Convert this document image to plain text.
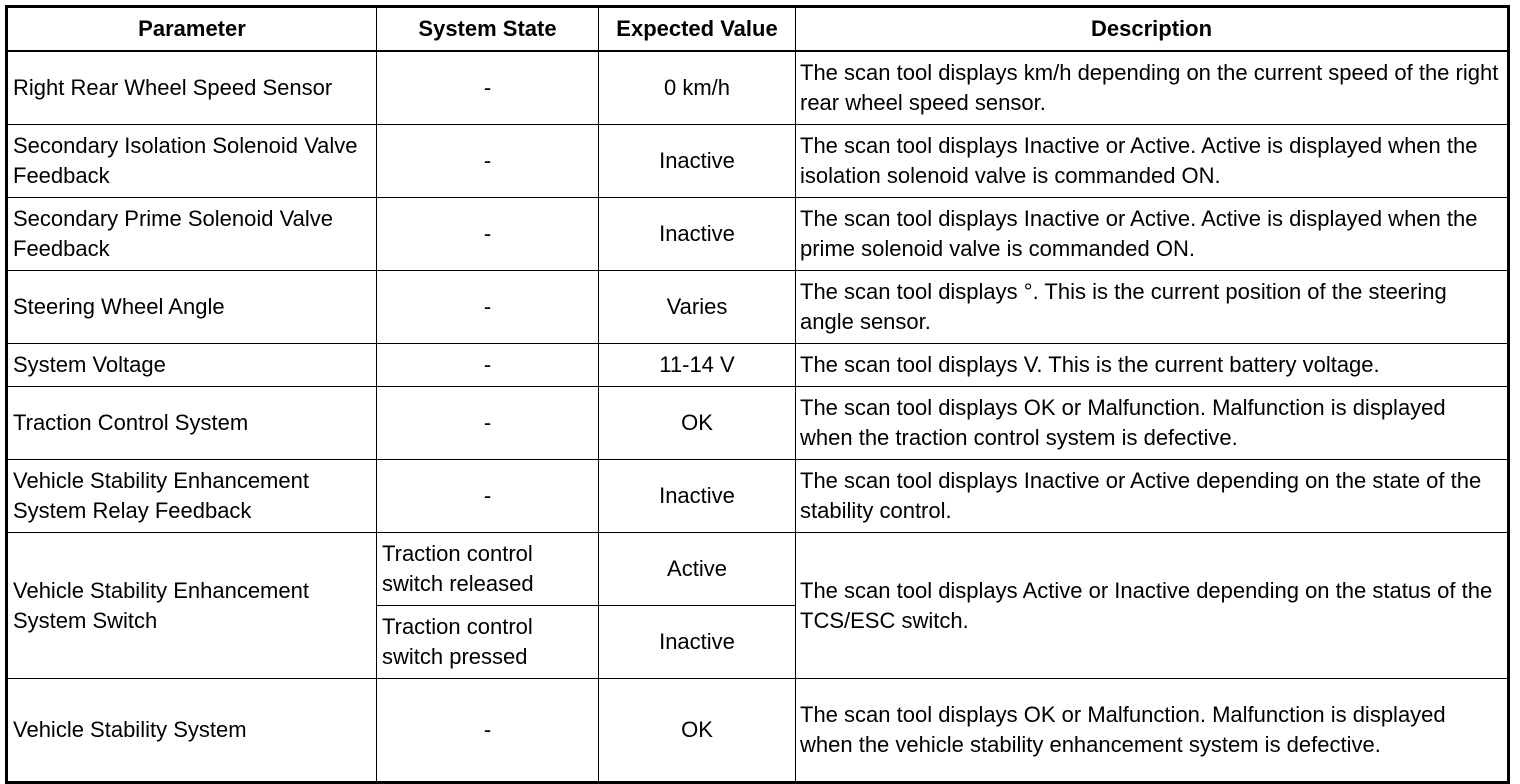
Parameter	System State	Expected Value	Description
Right Rear Wheel Speed Sensor	-	0 km/h	The scan tool displays km/h depending on the current speed of the right rear wheel speed sensor.
Secondary Isolation Solenoid Valve Feedback	-	Inactive	The scan tool displays Inactive or Active. Active is displayed when the isolation solenoid valve is commanded ON.
Secondary Prime Solenoid Valve Feedback	-	Inactive	The scan tool displays Inactive or Active. Active is displayed when the prime solenoid valve is commanded ON.
Steering Wheel Angle	-	Varies	The scan tool displays °. This is the current position of the steering angle sensor.
System Voltage	-	11-14 V	The scan tool displays V. This is the current battery voltage.
Traction Control System	-	OK	The scan tool displays OK or Malfunction. Malfunction is displayed when the traction control system is defective.
Vehicle Stability Enhancement System Relay Feedback	-	Inactive	The scan tool displays Inactive or Active depending on the state of the stability control.
Vehicle Stability Enhancement System Switch	Traction control switch released	Active	The scan tool displays Active or Inactive depending on the status of the TCS/ESC switch.
	Traction control switch pressed	Inactive	
Vehicle Stability System	-	OK	The scan tool displays OK or Malfunction. Malfunction is displayed when the vehicle stability enhancement system is defective.
